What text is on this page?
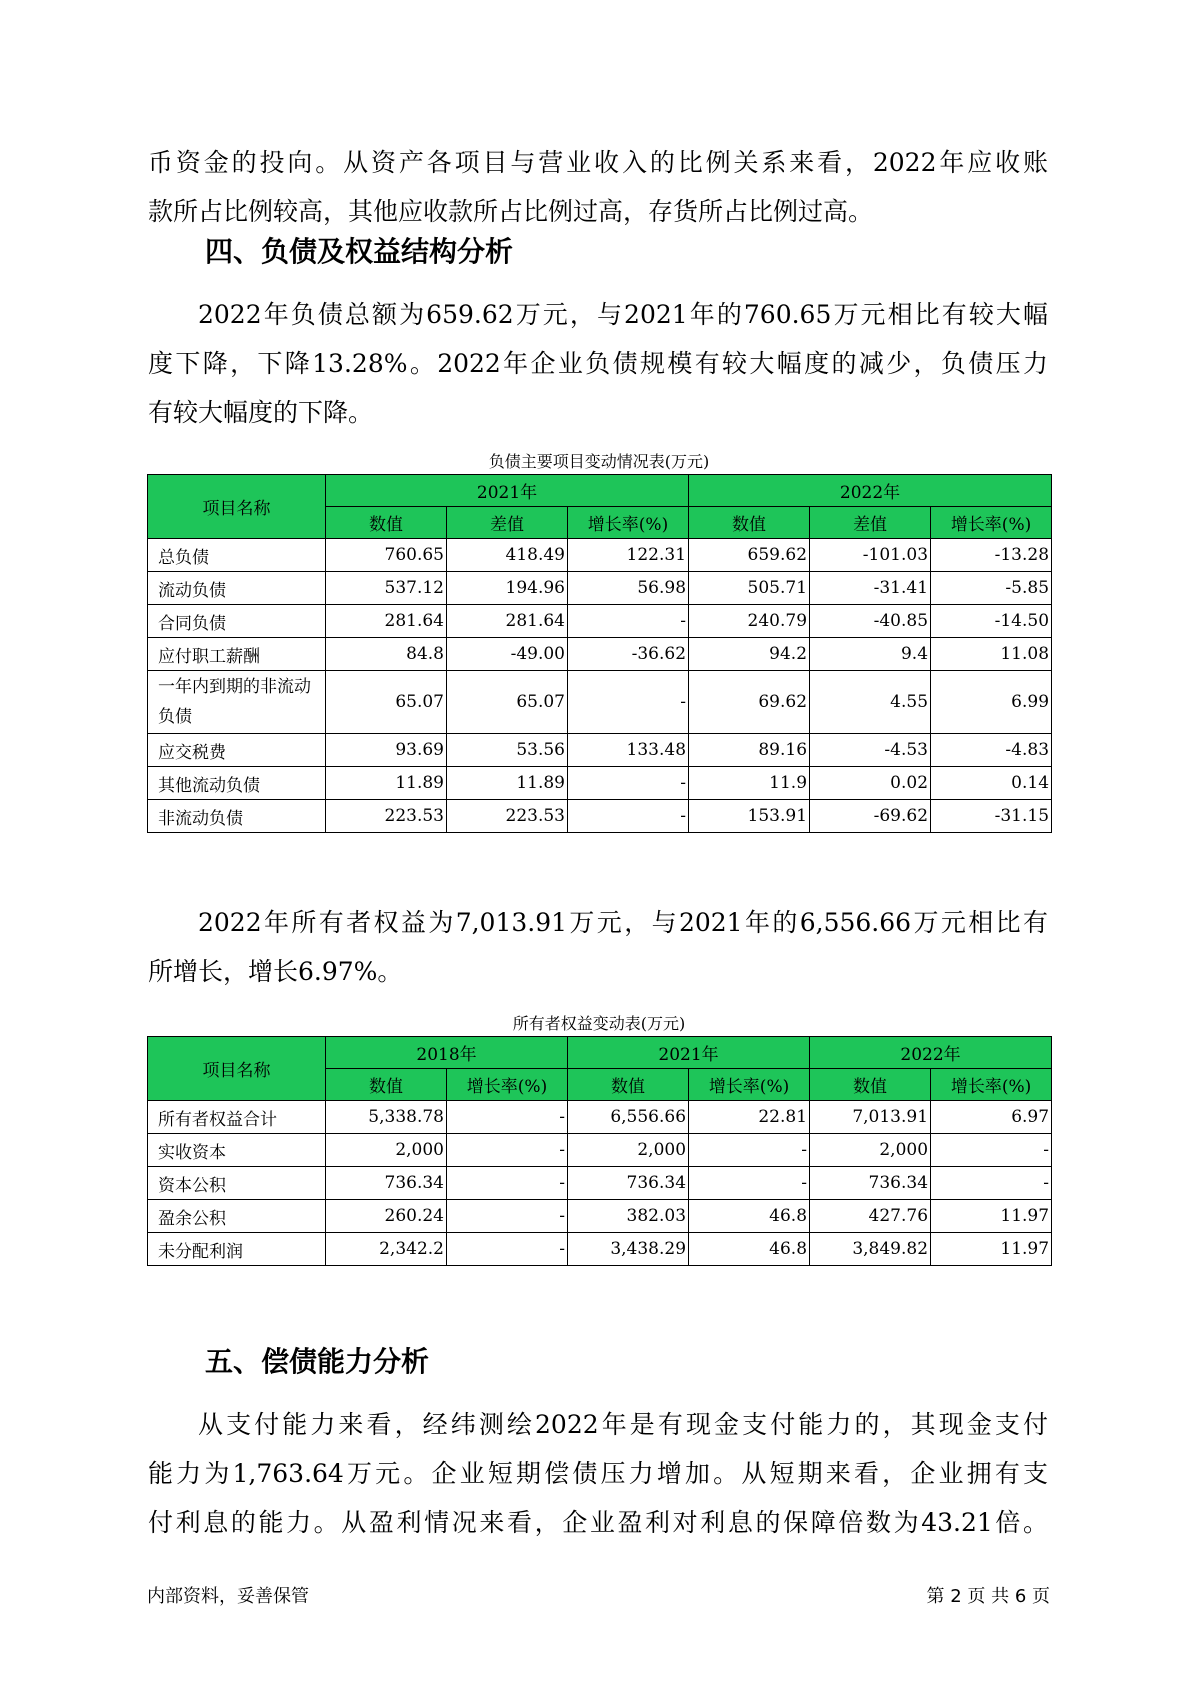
币资金的投向。从资产各项目与营业收入的比例关系来看，2022年应收账
款所占比例较高，其他应收款所占比例过高，存货所占比例过高。
四、负债及权益结构分析
2022年负债总额为659.62万元，与2021年的760.65万元相比有较大幅
度下降，下降13.28%。2022年企业负债规模有较大幅度的减少，负债压力
有较大幅度的下降。

负债主要项目变动情况表(万元)

项目名称	2021年			2022年		
	数值	差值	增长率(%)	数值	差值	增长率(%)
总负债	760.65	418.49	122.31	659.62	-101.03	-13.28
流动负债	537.12	194.96	56.98	505.71	-31.41	-5.85
合同负债	281.64	281.64	-	240.79	-40.85	-14.50
应付职工薪酬	84.8	-49.00	-36.62	94.2	9.4	11.08
一年内到期的非流动负债	65.07	65.07	-	69.62	4.55	6.99
应交税费	93.69	53.56	133.48	89.16	-4.53	-4.83
其他流动负债	11.89	11.89	-	11.9	0.02	0.14
非流动负债	223.53	223.53	-	153.91	-69.62	-31.15
2022年所有者权益为7,013.91万元，与2021年的6,556.66万元相比有
所增长，增长6.97%。

所有者权益变动表(万元)

项目名称	2018年		2021年		2022年	
	数值	增长率(%)	数值	增长率(%)	数值	增长率(%)
所有者权益合计	5,338.78	-	6,556.66	22.81	7,013.91	6.97
实收资本	2,000	-	2,000	-	2,000	-
资本公积	736.34	-	736.34	-	736.34	-
盈余公积	260.24	-	382.03	46.8	427.76	11.97
未分配利润	2,342.2	-	3,438.29	46.8	3,849.82	11.97
五、偿债能力分析
从支付能力来看，经纬测绘2022年是有现金支付能力的，其现金支付
能力为1,763.64万元。企业短期偿债压力增加。从短期来看，企业拥有支
付利息的能力。从盈利情况来看，企业盈利对利息的保障倍数为43.21倍。
内部资料，妥善保管	第 2 页 共 6 页
